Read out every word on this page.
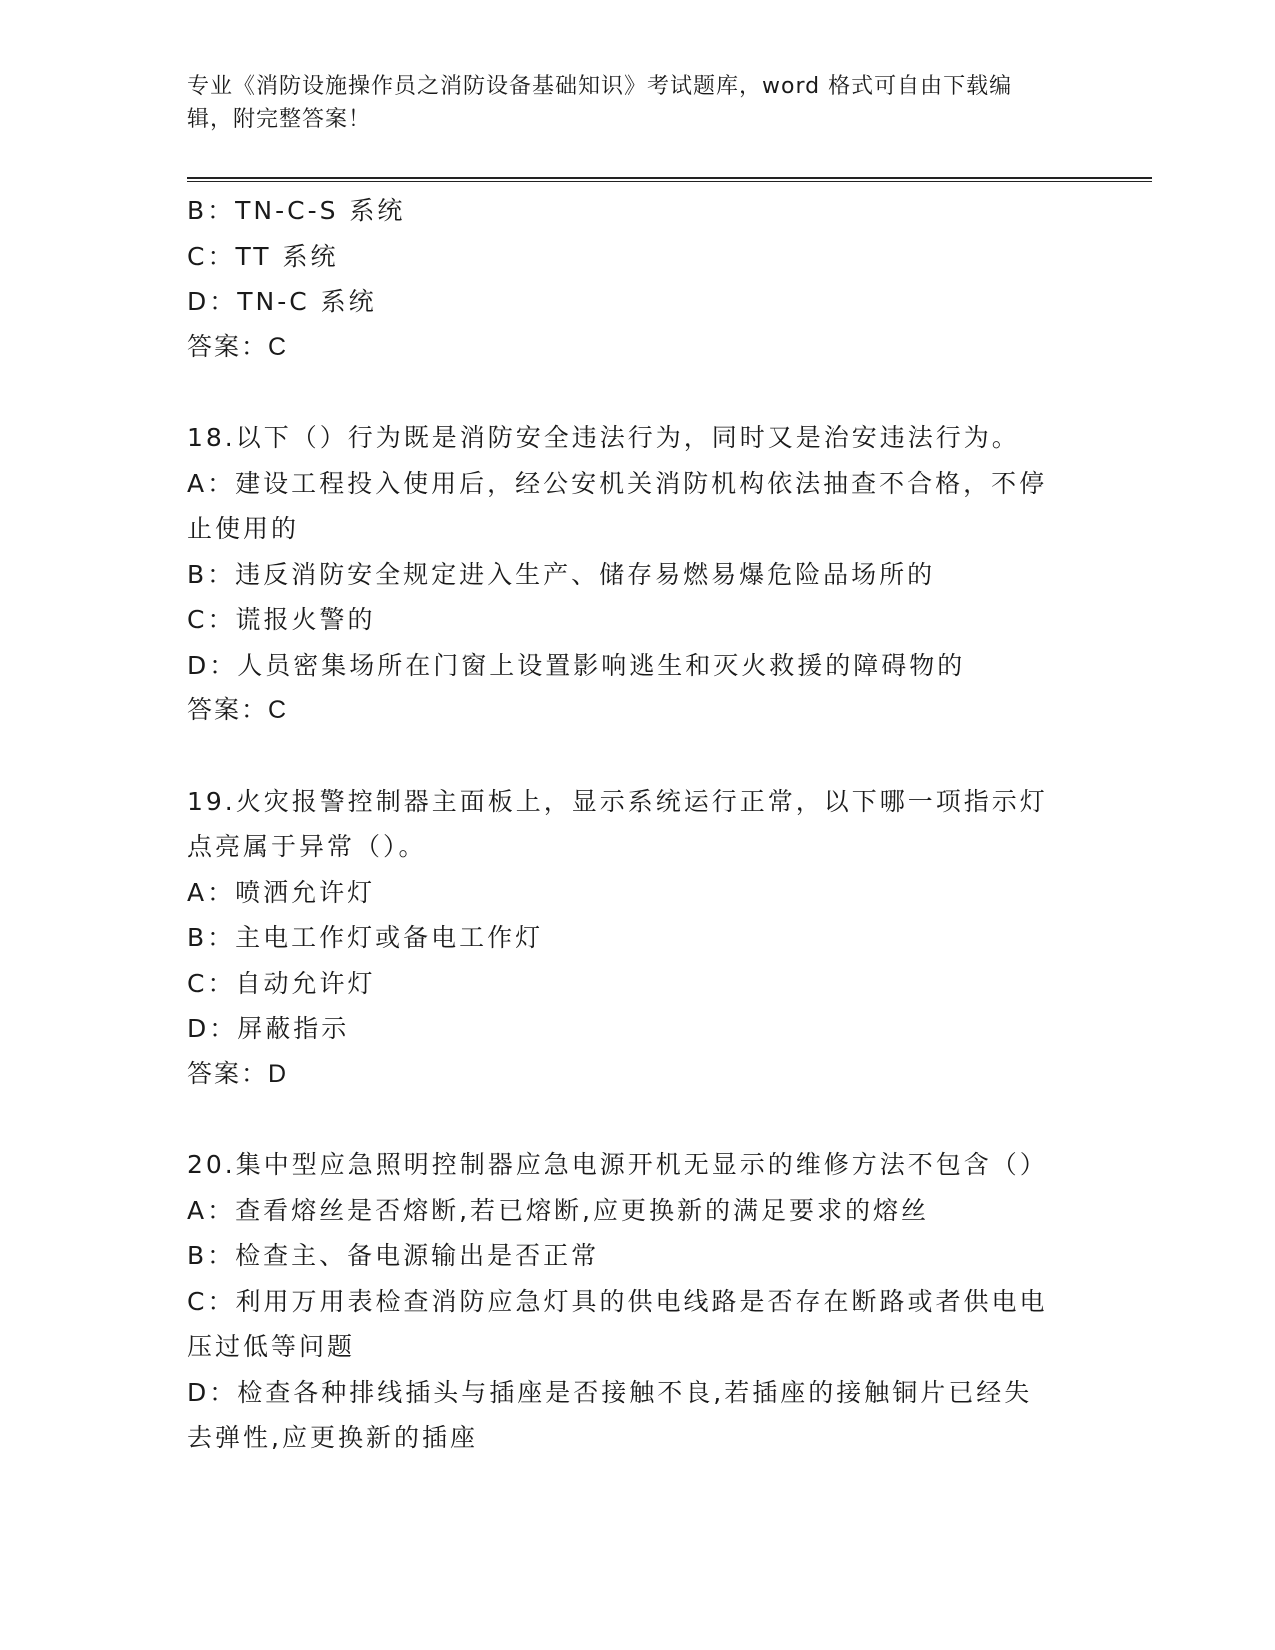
专业《消防设施操作员之消防设备基础知识》考试题库，word 格式可自由下载编
辑，附完整答案！

B：TN-C-S 系统

C：TT 系统

D：TN-C 系统

答案：C

18.以下（）行为既是消防安全违法行为，同时又是治安违法行为。

A：建设工程投入使用后，经公安机关消防机构依法抽查不合格，不停

止使用的

B：违反消防安全规定进入生产、储存易燃易爆危险品场所的

C：谎报火警的

D：人员密集场所在门窗上设置影响逃生和灭火救援的障碍物的

答案：C

19.火灾报警控制器主面板上，显示系统运行正常，以下哪一项指示灯

点亮属于异常（）。

A：喷洒允许灯

B：主电工作灯或备电工作灯

C：自动允许灯

D：屏蔽指示

答案：D

20.集中型应急照明控制器应急电源开机无显示的维修方法不包含（）

A：查看熔丝是否熔断,若已熔断,应更换新的满足要求的熔丝

B：检查主、备电源输出是否正常

C：利用万用表检查消防应急灯具的供电线路是否存在断路或者供电电

压过低等问题

D：检查各种排线插头与插座是否接触不良,若插座的接触铜片已经失

去弹性,应更换新的插座
